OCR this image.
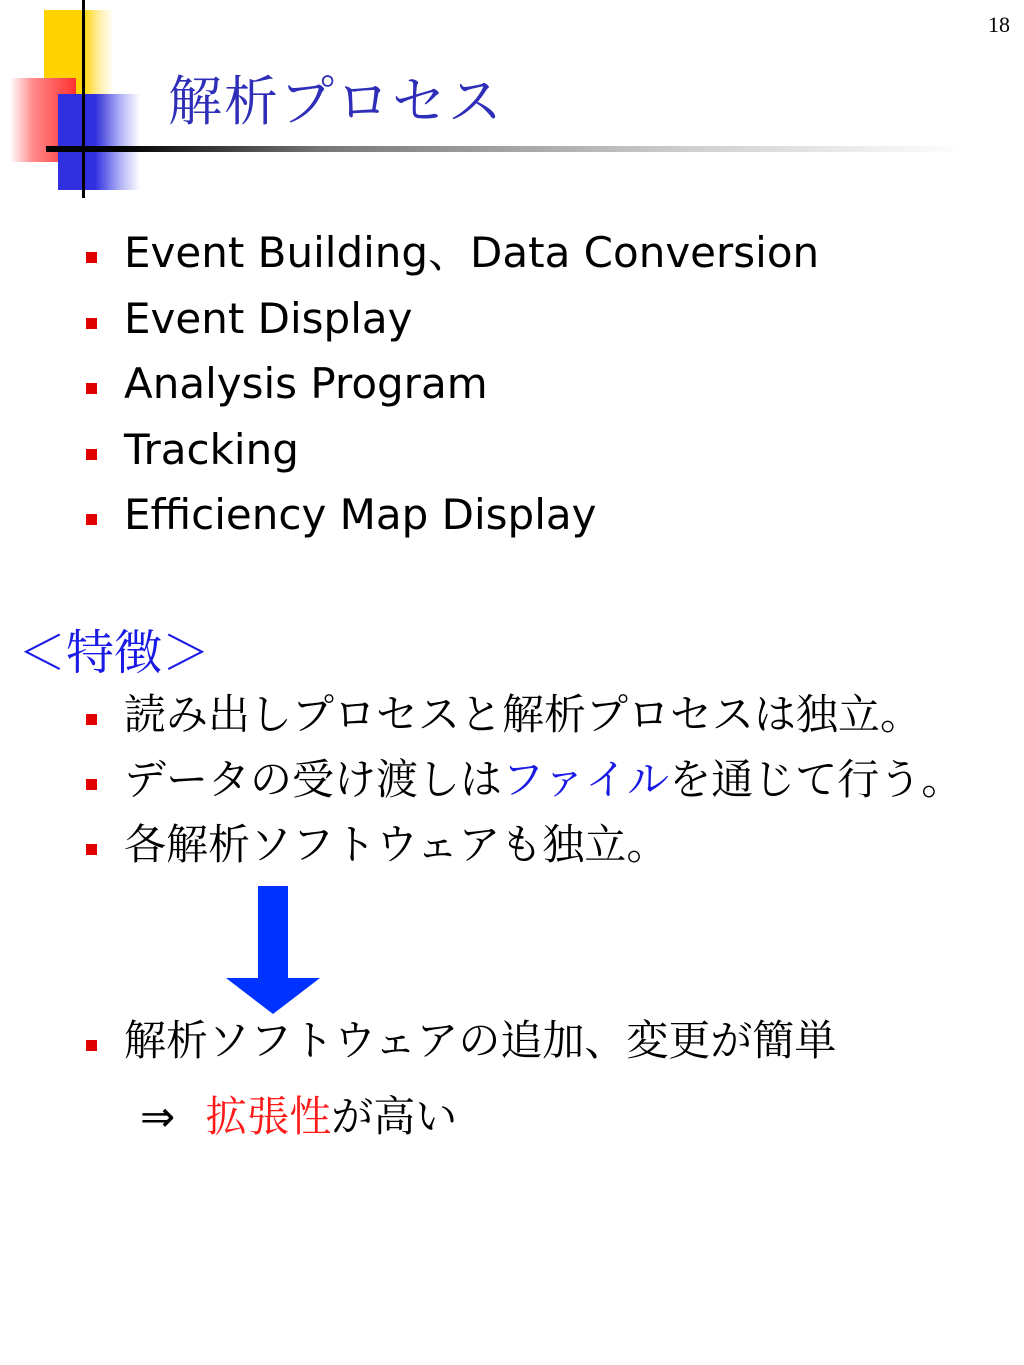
18
解析プロセス
Event Building、Data Conversion
Event Display
Analysis Program
Tracking
Efficiency Map Display
＜特徴＞
読み出しプロセスと解析プロセスは独立。
データの受け渡しはファイルを通じて行う。
各解析ソフトウェアも独立。
解析ソフトウェアの追加、変更が簡単
⇒ 拡張性が高い
